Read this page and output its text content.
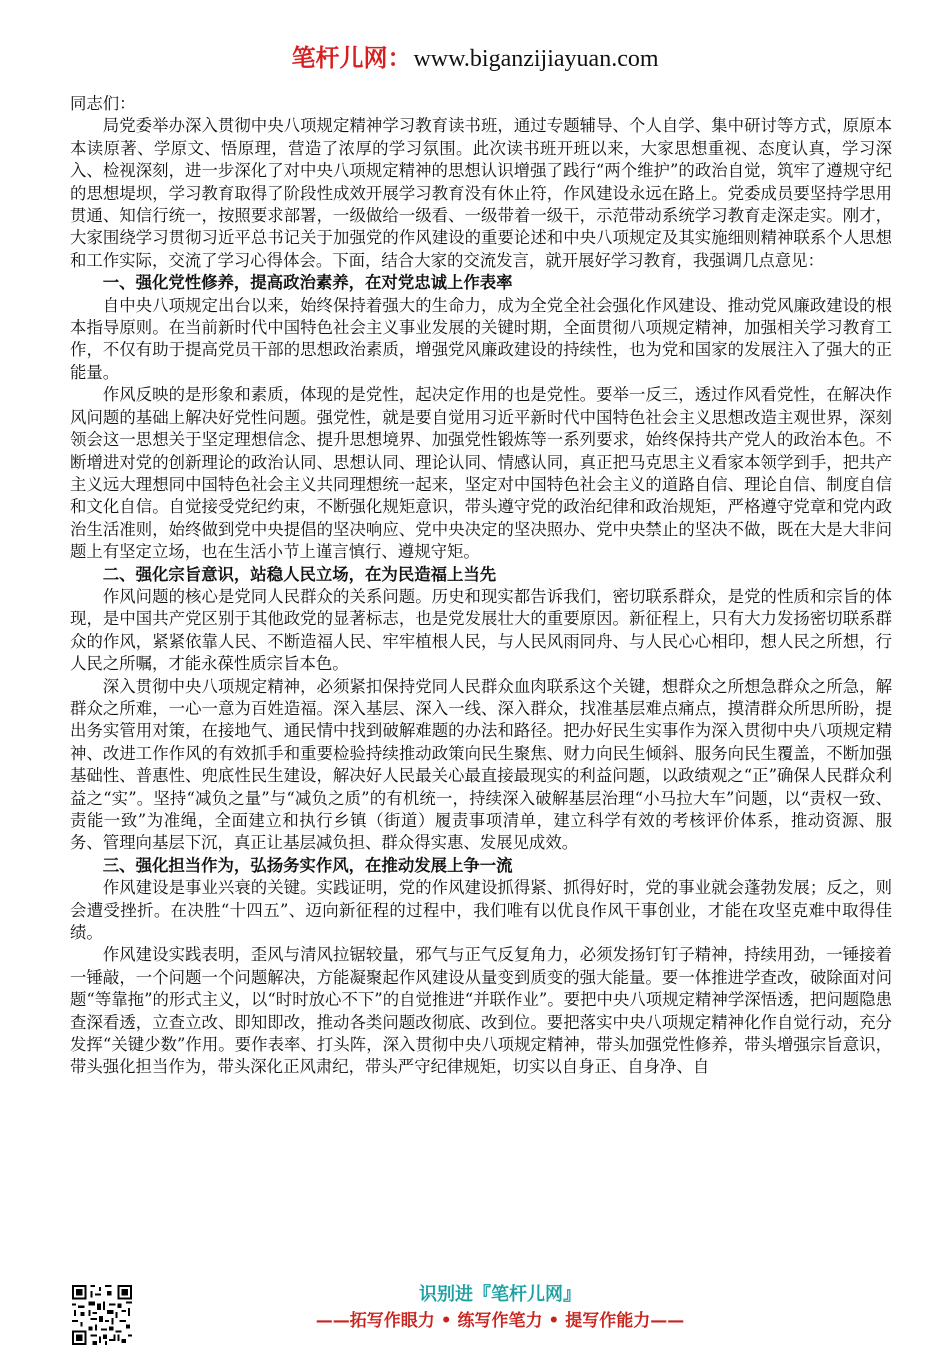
笔杆儿网：www.biganzijiayuan.com

同志们：

局党委举办深入贯彻中央八项规定精神学习教育读书班，通过专题辅导、个人自学、集中研讨等方式，原原本本读原著、学原文、悟原理，营造了浓厚的学习氛围。此次读书班开班以来，大家思想重视、态度认真，学习深入、检视深刻，进一步深化了对中央八项规定精神的思想认识增强了践行“两个维护”的政治自觉，筑牢了遵规守纪的思想堤坝，学习教育取得了阶段性成效开展学习教育没有休止符，作风建设永远在路上。党委成员要坚持学思用贯通、知信行统一，按照要求部署，一级做给一级看、一级带着一级干，示范带动系统学习教育走深走实。刚才，大家围绕学习贯彻习近平总书记关于加强党的作风建设的重要论述和中央八项规定及其实施细则精神联系个人思想和工作实际，交流了学习心得体会。下面，结合大家的交流发言，就开展好学习教育，我强调几点意见：

一、强化党性修养，提高政治素养，在对党忠诚上作表率

自中央八项规定出台以来，始终保持着强大的生命力，成为全党全社会强化作风建设、推动党风廉政建设的根本指导原则。在当前新时代中国特色社会主义事业发展的关键时期，全面贯彻八项规定精神，加强相关学习教育工作，不仅有助于提高党员干部的思想政治素质，增强党风廉政建设的持续性，也为党和国家的发展注入了强大的正能量。

作风反映的是形象和素质，体现的是党性，起决定作用的也是党性。要举一反三，透过作风看党性，在解决作风问题的基础上解决好党性问题。强党性，就是要自觉用习近平新时代中国特色社会主义思想改造主观世界，深刻领会这一思想关于坚定理想信念、提升思想境界、加强党性锻炼等一系列要求，始终保持共产党人的政治本色。不断增进对党的创新理论的政治认同、思想认同、理论认同、情感认同，真正把马克思主义看家本领学到手，把共产主义远大理想同中国特色社会主义共同理想统一起来，坚定对中国特色社会主义的道路自信、理论自信、制度自信和文化自信。自觉接受党纪约束，不断强化规矩意识，带头遵守党的政治纪律和政治规矩，严格遵守党章和党内政治生活准则，始终做到党中央提倡的坚决响应、党中央决定的坚决照办、党中央禁止的坚决不做，既在大是大非问题上有坚定立场，也在生活小节上谨言慎行、遵规守矩。

二、强化宗旨意识，站稳人民立场，在为民造福上当先

作风问题的核心是党同人民群众的关系问题。历史和现实都告诉我们，密切联系群众，是党的性质和宗旨的体现，是中国共产党区别于其他政党的显著标志，也是党发展壮大的重要原因。新征程上，只有大力发扬密切联系群众的作风，紧紧依靠人民、不断造福人民、牢牢植根人民，与人民风雨同舟、与人民心心相印，想人民之所想，行人民之所嘱，才能永葆性质宗旨本色。

深入贯彻中央八项规定精神，必须紧扣保持党同人民群众血肉联系这个关键，想群众之所想急群众之所急，解群众之所难，一心一意为百姓造福。深入基层、深入一线、深入群众，找准基层难点痛点，摸清群众所思所盼，提出务实管用对策，在接地气、通民情中找到破解难题的办法和路径。把办好民生实事作为深入贯彻中央八项规定精神、改进工作作风的有效抓手和重要检验持续推动政策向民生聚焦、财力向民生倾斜、服务向民生覆盖，不断加强基础性、普惠性、兜底性民生建设，解决好人民最关心最直接最现实的利益问题，以政绩观之“正”确保人民群众利益之“实”。坚持“减负之量”与“减负之质”的有机统一，持续深入破解基层治理“小马拉大车”问题，以“责权一致、责能一致”为准绳，全面建立和执行乡镇（街道）履责事项清单，建立科学有效的考核评价体系，推动资源、服务、管理向基层下沉，真正让基层减负担、群众得实惠、发展见成效。

三、强化担当作为，弘扬务实作风，在推动发展上争一流

作风建设是事业兴衰的关键。实践证明，党的作风建设抓得紧、抓得好时，党的事业就会蓬勃发展；反之，则会遭受挫折。在决胜“十四五”、迈向新征程的过程中，我们唯有以优良作风干事创业，才能在攻坚克难中取得佳绩。

作风建设实践表明，歪风与清风拉锯较量，邪气与正气反复角力，必须发扬钉钉子精神，持续用劲，一锤接着一锤敲，一个问题一个问题解决，方能凝聚起作风建设从量变到质变的强大能量。要一体推进学查改，破除面对问题“等靠拖”的形式主义，以“时时放心不下”的自觉推进“并联作业”。要把中央八项规定精神学深悟透，把问题隐患查深看透，立查立改、即知即改，推动各类问题改彻底、改到位。要把落实中央八项规定精神化作自觉行动，充分发挥“关键少数”作用。要作表率、打头阵，深入贯彻中央八项规定精神，带头加强党性修养，带头增强宗旨意识，带头强化担当作为，带头深化正风肃纪，带头严守纪律规矩，切实以自身正、自身净、自

识别进『笔杆儿网』
——拓写作眼力 • 练写作笔力 • 提写作能力——
